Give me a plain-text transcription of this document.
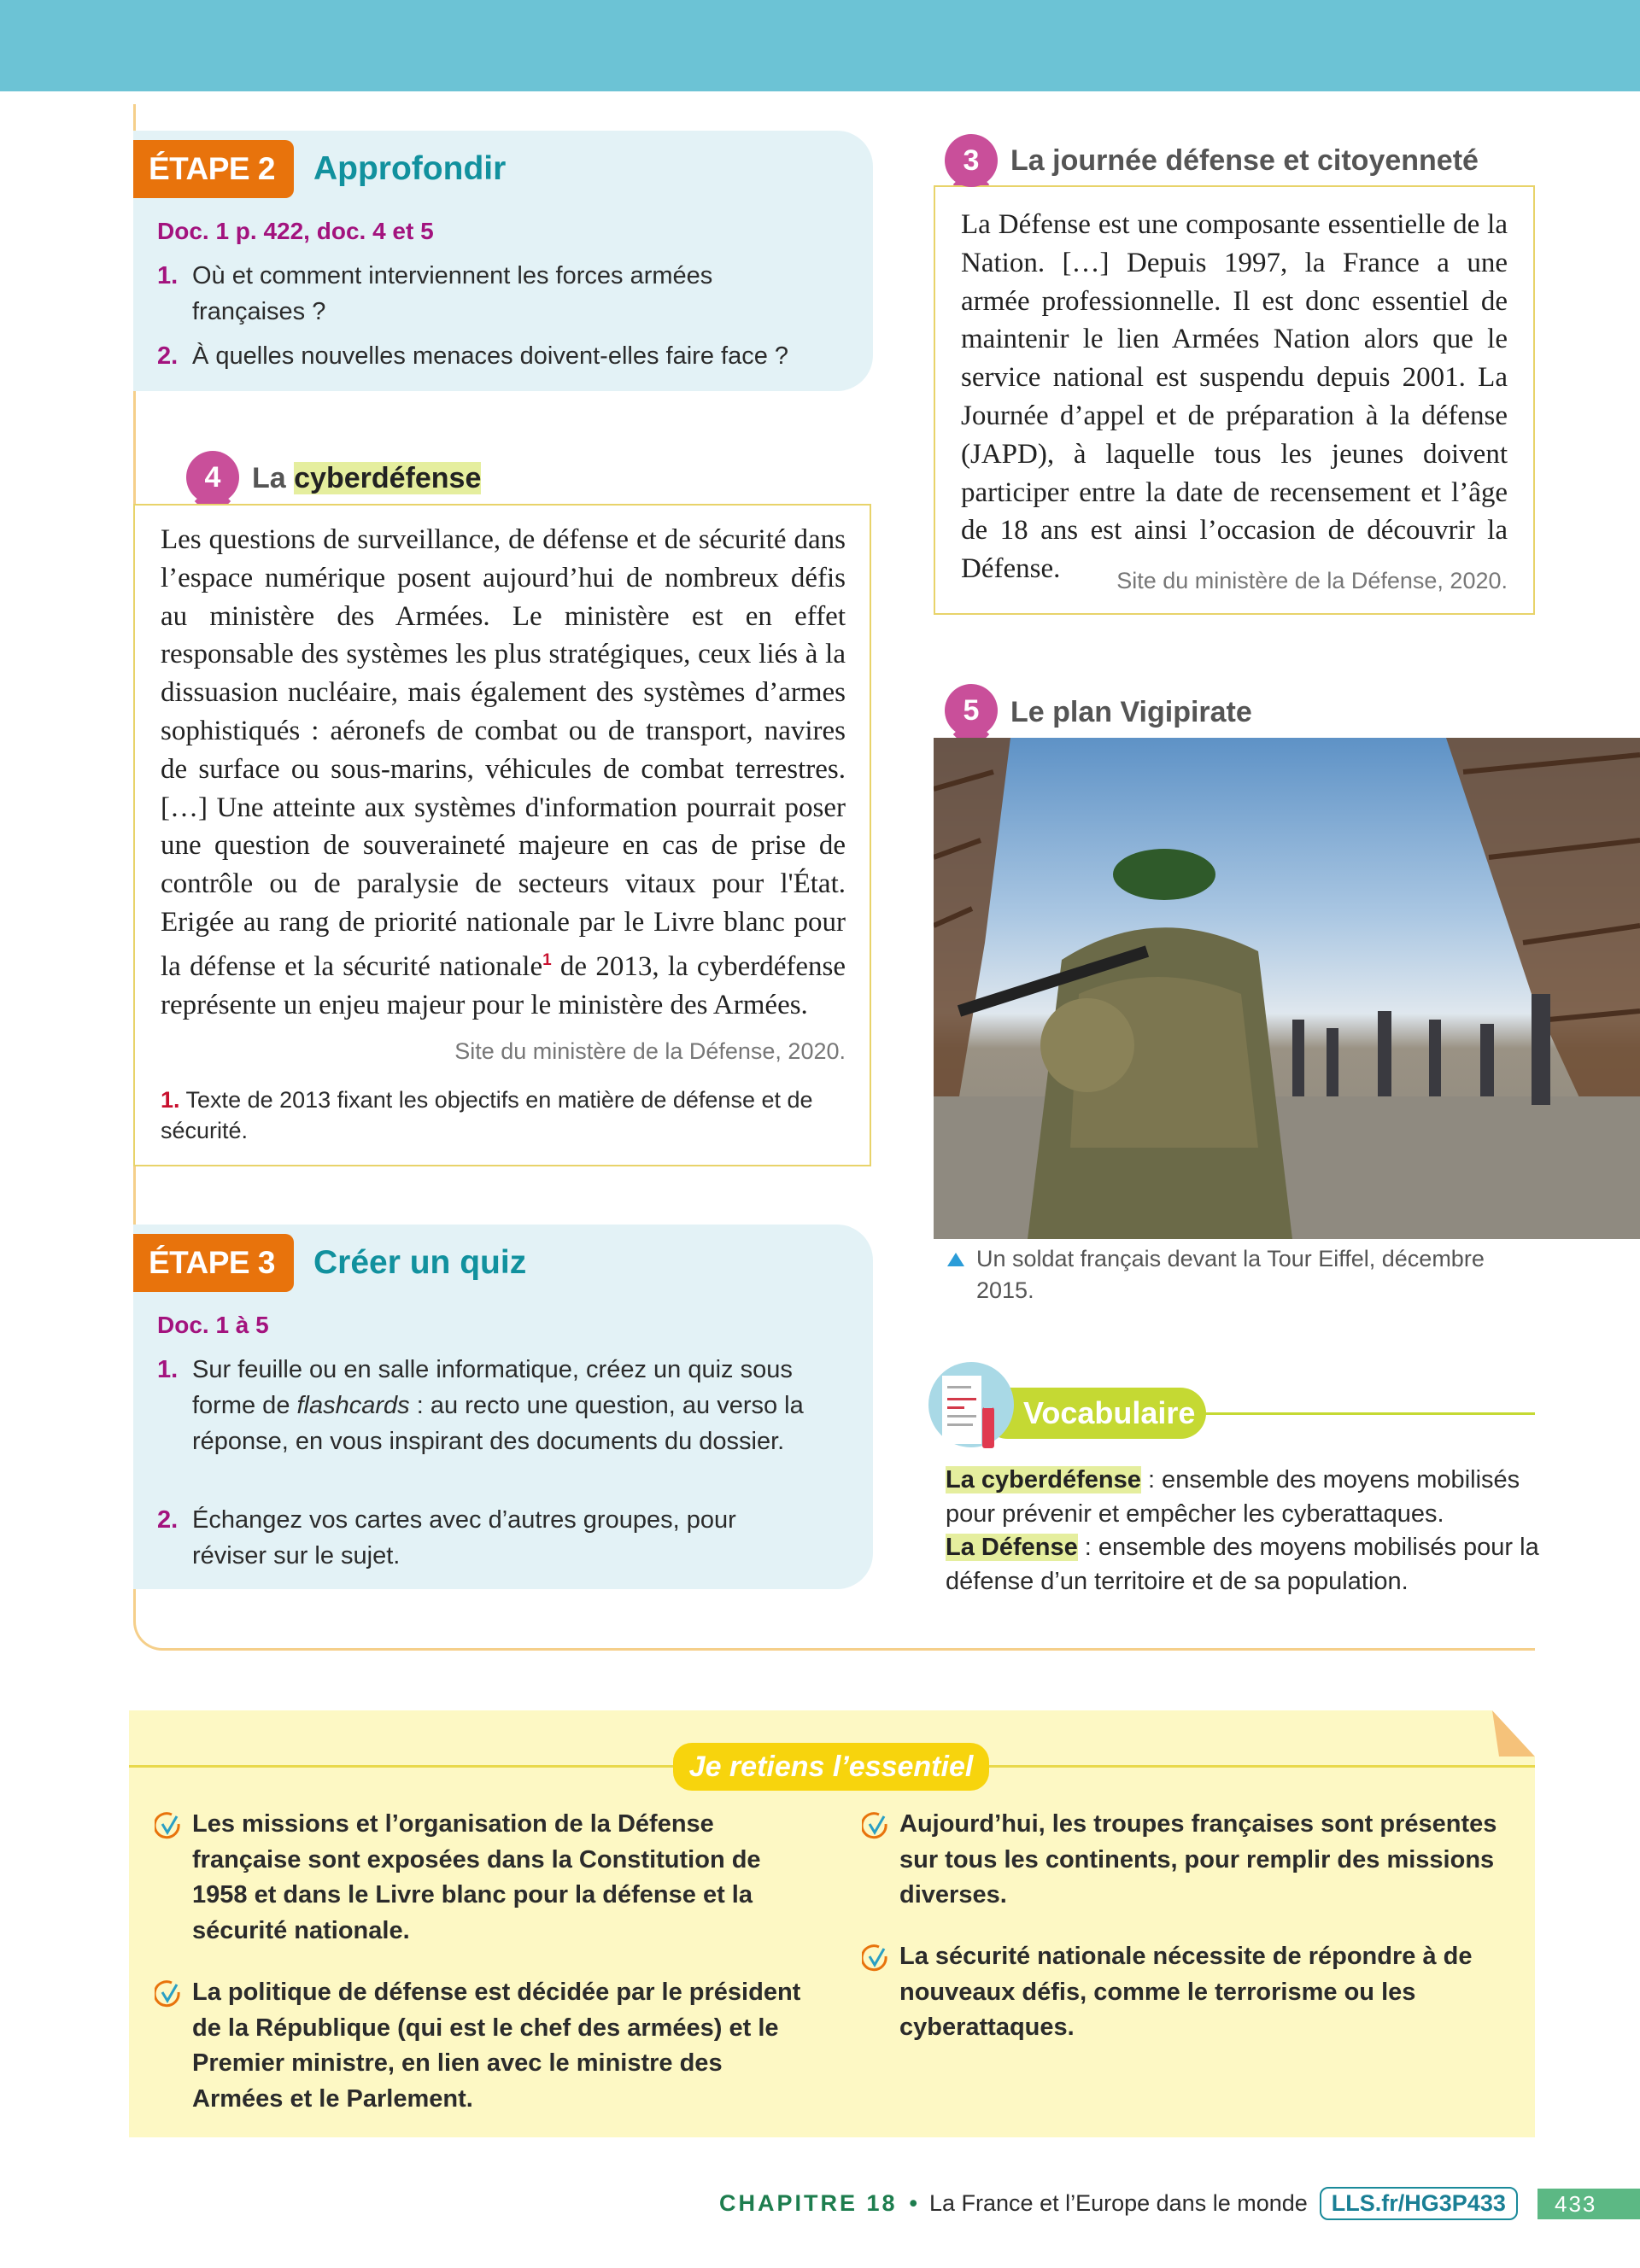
ÉTAPE 2	Approfondir
Doc. 1 p. 422, doc. 4 et 5
1. Où et comment interviennent les forces armées françaises ?
2. À quelles nouvelles menaces doivent-elles faire face ?
Les questions de surveillance, de défense et de sécurité dans l’espace numérique posent aujourd’hui de nombreux défis au ministère des Armées. Le ministère est en effet responsable des systèmes les plus stratégiques, ceux liés à la dissuasion nucléaire, mais également des systèmes d’armes sophistiqués : aéronefs de combat ou de transport, navires de surface ou sous-marins, véhicules de combat terrestres. […] Une atteinte aux systèmes d'information pourrait poser une question de souveraineté majeure en cas de prise de contrôle ou de paralysie de secteurs vitaux pour l'État. Erigée au rang de priorité nationale par le Livre blanc pour la défense et la sécurité nationale$^1$ de 2013, la cyberdéfense représente un enjeu majeur pour le ministère des Armées.
Site du ministère de la Défense, 2020.
1. Texte de 2013 fixant les objectifs en matière de défense et de sécurité.
4	La cyberdéfense
ÉTAPE 3	Créer un quiz
Doc. 1 à 5
1. Sur feuille ou en salle informatique, créez un quiz sous forme de flashcards : au recto une question, au verso la réponse, en vous inspirant des documents du dossier.
2. Échangez vos cartes avec d’autres groupes, pour réviser sur le sujet.
La Défense est une composante essentielle de la Nation. […] Depuis 1997, la France a une armée professionnelle. Il est donc essentiel de maintenir le lien Armées Nation alors que le service national est suspendu depuis 2001. La Journée d’appel et de préparation à la défense (JAPD), à laquelle tous les jeunes doivent participer entre la date de recensement et l’âge de 18 ans est ainsi l’occasion de découvrir la Défense.	Site du ministère de la Défense, 2020.
3	La journée défense et citoyenneté
5	Le plan Vigipirate
Un soldat français devant la Tour Eiffel, décembre 2015.
Vocabulaire
La cyberdéfense : ensemble des moyens mobilisés pour prévenir et empêcher les cyberattaques.
La Défense : ensemble des moyens mobilisés pour la défense d’un territoire et de sa population.
Je retiens l’essentiel
Les missions et l’organisation de la Défense française sont exposées dans la Constitution de 1958 et dans le Livre blanc pour la défense et la sécurité nationale.
La politique de défense est décidée par le président de la République (qui est le chef des armées) et le Premier ministre, en lien avec le ministre des Armées et le Parlement.
Aujourd’hui, les troupes françaises sont présentes sur tous les continents, pour remplir des missions diverses.
La sécurité nationale nécessite de répondre à de nouveaux défis, comme le terrorisme ou les cyberattaques.
CHAPITRE 18 • La France et l’Europe dans le monde	LLS.fr/HG3P433	433
